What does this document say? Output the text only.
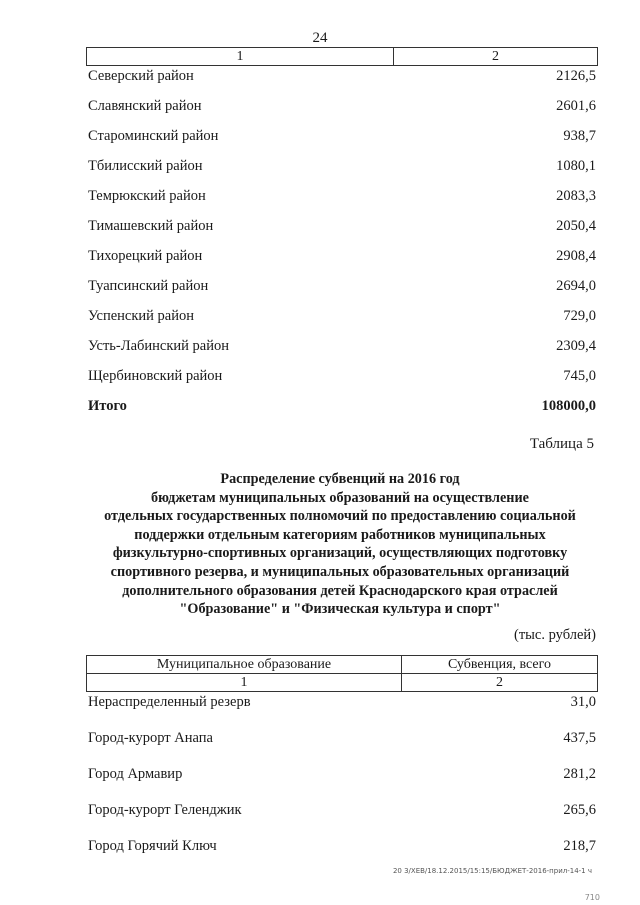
24
1	2
Северский район	2126,5
Славянский район	2601,6
Староминский район	938,7
Тбилисский район	1080,1
Темрюкский район	2083,3
Тимашевский район	2050,4
Тихорецкий район	2908,4
Туапсинский район	2694,0
Успенский район	729,0
Усть-Лабинский район	2309,4
Щербиновский район	745,0
Итого	108000,0
Таблица 5
Распределение субвенций на 2016 год
бюджетам муниципальных образований на осуществление
отдельных государственных полномочий по предоставлению социальной
поддержки отдельным категориям работников муниципальных
физкультурно-спортивных организаций, осуществляющих подготовку
спортивного резерва, и муниципальных образовательных организаций
дополнительного образования детей Краснодарского края отраслей
"Образование" и "Физическая культура и спорт"
(тыс. рублей)
Муниципальное образование	Субвенция, всего
1	2
Нераспределенный резерв	31,0
Город-курорт Анапа	437,5
Город Армавир	281,2
Город-курорт Геленджик	265,6
Город Горячий Ключ	218,7
20 3/ХЕВ/18.12.2015/15:15/БЮДЖЕТ-2016-прил-14-1 ч
710
